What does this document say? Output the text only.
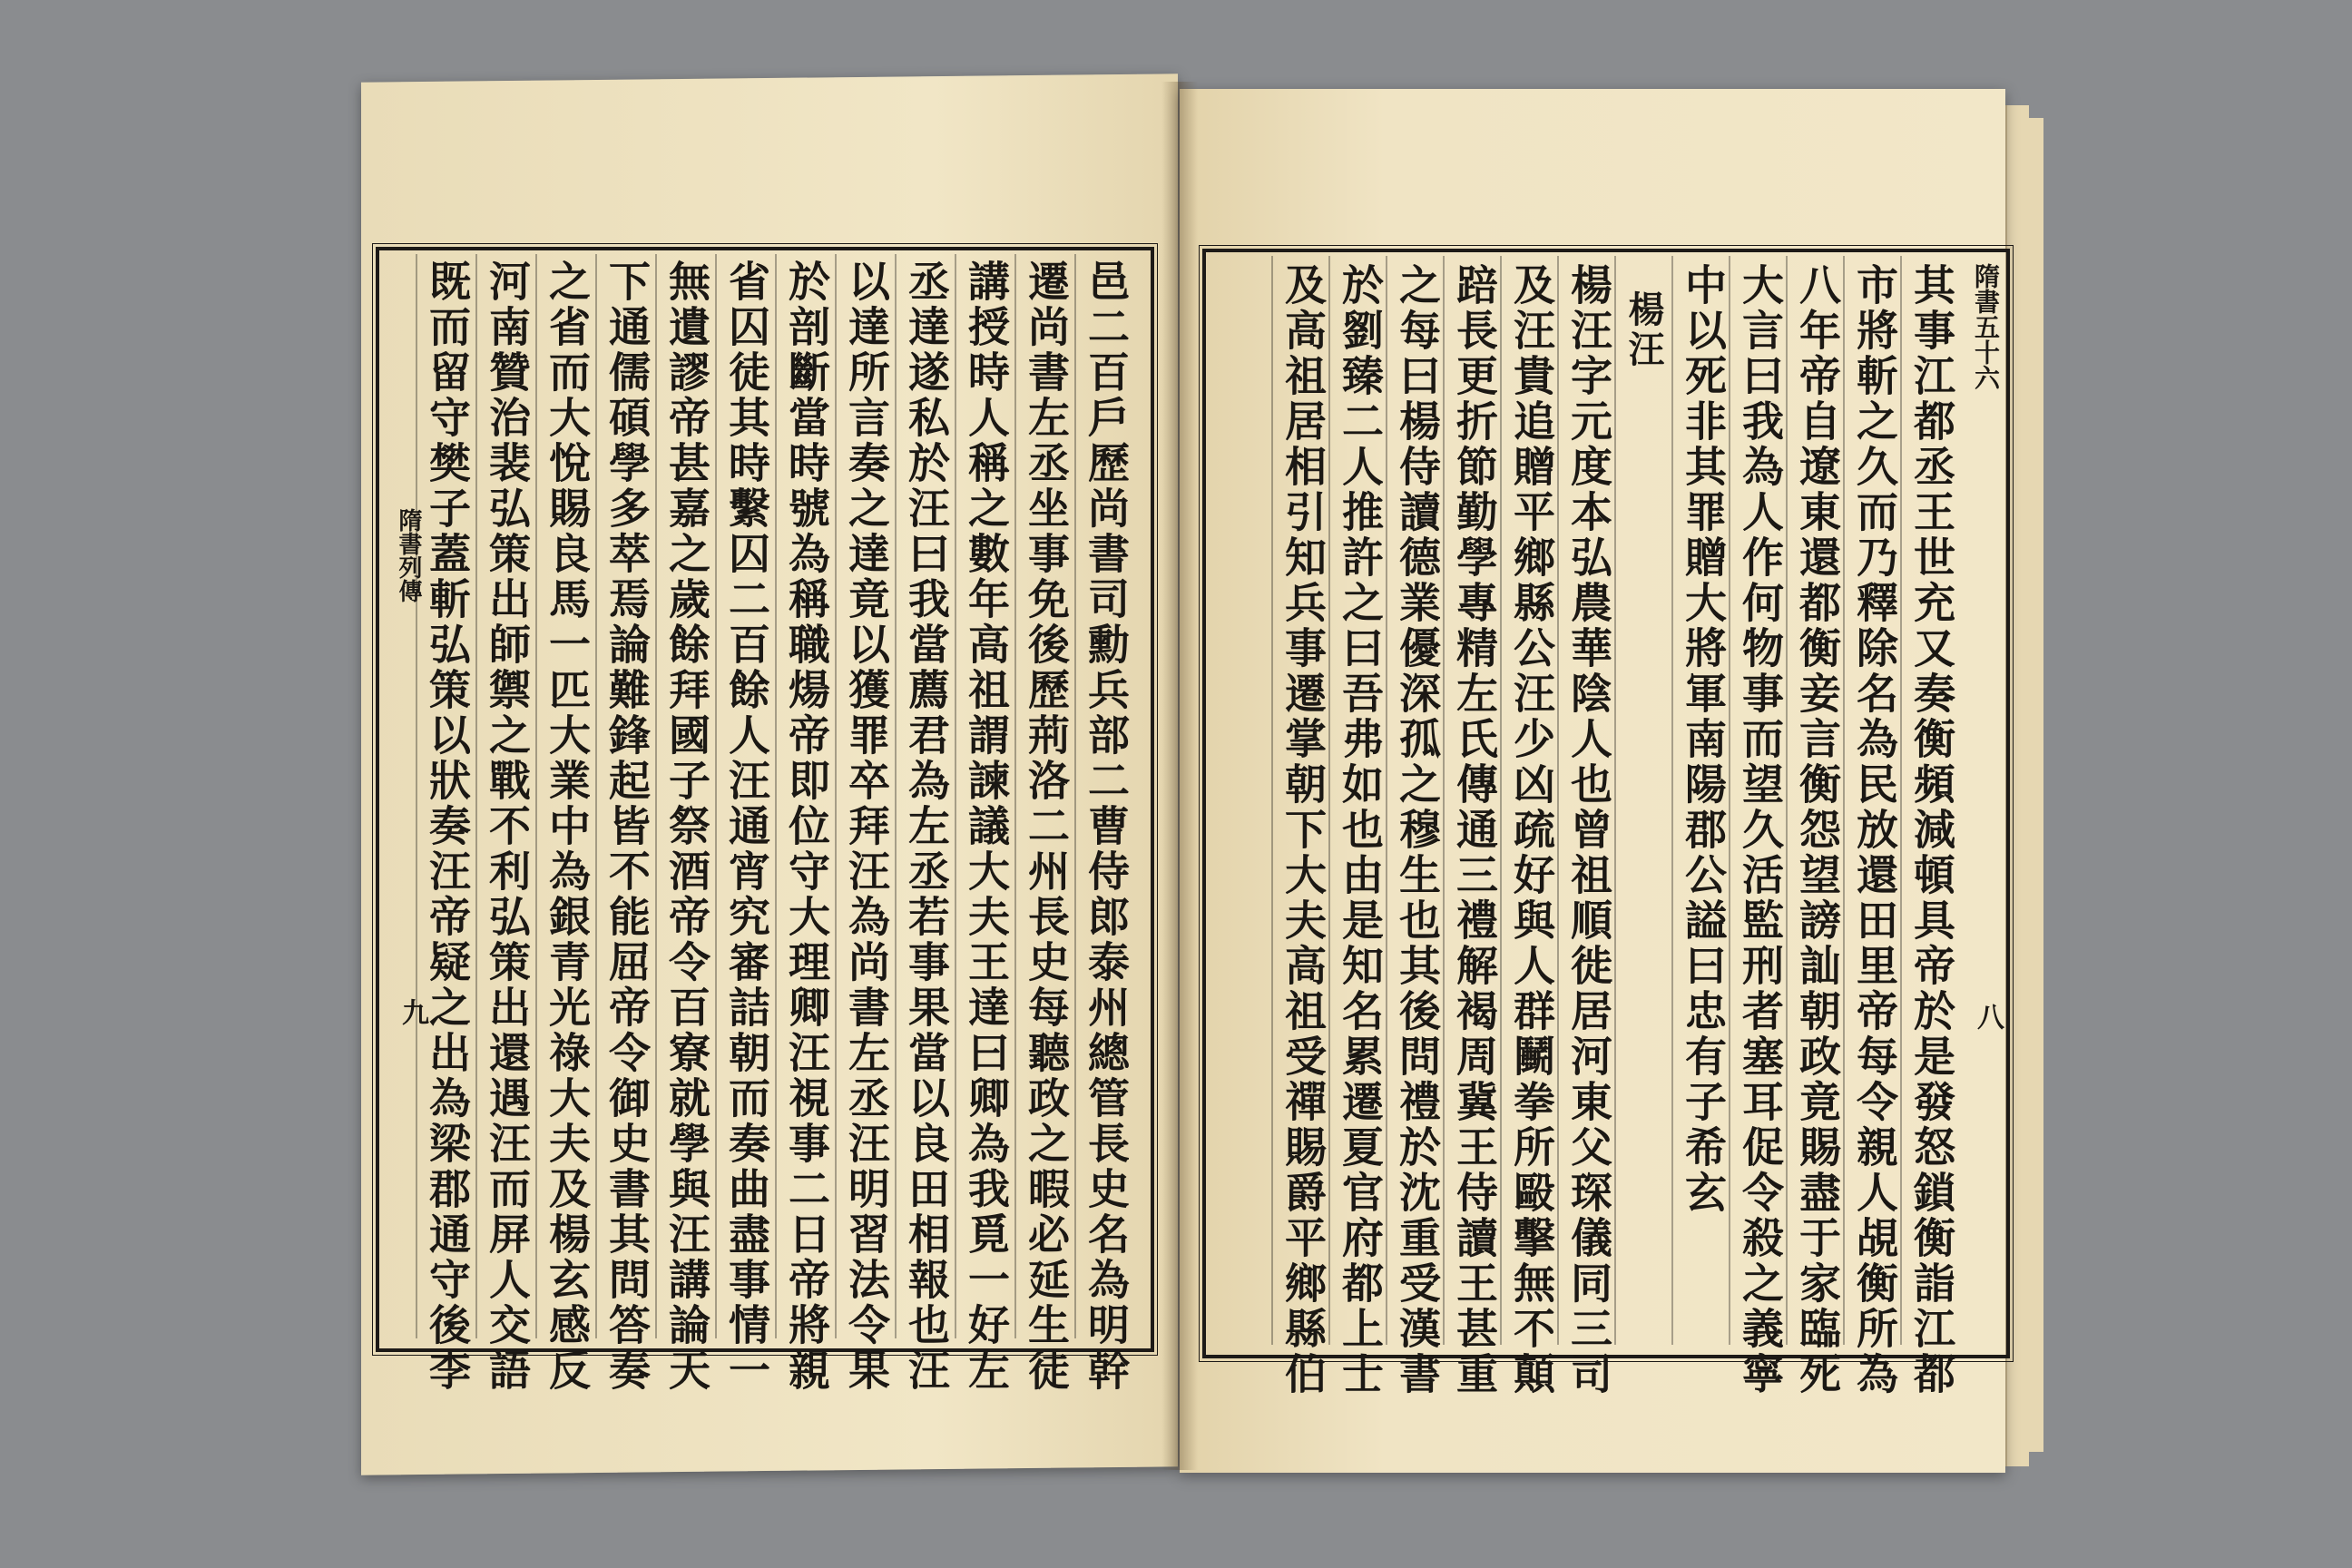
邑二百戶歷尚書司勳兵部二曹侍郎泰州總管長史名為明幹
遷尚書左丞坐事免後歷荊洛二州長史每聽政之暇必延生徒
講授時人稱之數年高祖謂諫議大夫王達曰卿為我覓一好左
丞達遂私於汪曰我當薦君為左丞若事果當以良田相報也汪
以達所言奏之達竟以獲罪卒拜汪為尚書左丞汪明習法令果
於剖斷當時號為稱職煬帝即位守大理卿汪視事二日帝將親
省囚徒其時繫囚二百餘人汪通宵究審詰朝而奏曲盡事情一
無遺謬帝甚嘉之歲餘拜國子祭酒帝令百寮就學與汪講論天
下通儒碩學多萃焉論難鋒起皆不能屈帝令御史書其問答奏
之省而大悅賜良馬一匹大業中為銀青光祿大夫及楊玄感反
河南贊治裴弘策出師禦之戰不利弘策出還遇汪而屏人交語
既而留守樊子蓋斬弘策以狀奏汪帝疑之出為梁郡通守後李	其事江都丞王世充又奏衡頻減頓具帝於是發怒鎖衡詣江都
市將斬之久而乃釋除名為民放還田里帝每令親人覘衡所為
八年帝自遼東還都衡妾言衡怨望謗訕朝政竟賜盡于家臨死
大言曰我為人作何物事而望久活監刑者塞耳促令殺之義寧
中以死非其罪贈大將軍南陽郡公謚曰忠有子希玄
楊汪
楊汪字元度本弘農華陰人也曾祖順徙居河東父琛儀同三司
及汪貴追贈平鄉縣公汪少凶疏好與人群鬭拳所毆擊無不顛
踣長更折節勤學專精左氏傳通三禮解褐周冀王侍讀王甚重
之每曰楊侍讀德業優深孤之穆生也其後問禮於沈重受漢書
於劉臻二人推許之曰吾弗如也由是知名累遷夏官府都上士
及高祖居相引知兵事遷掌朝下大夫高祖受禪賜爵平鄉縣伯
隋書列傳
九
隋書五十六
八
